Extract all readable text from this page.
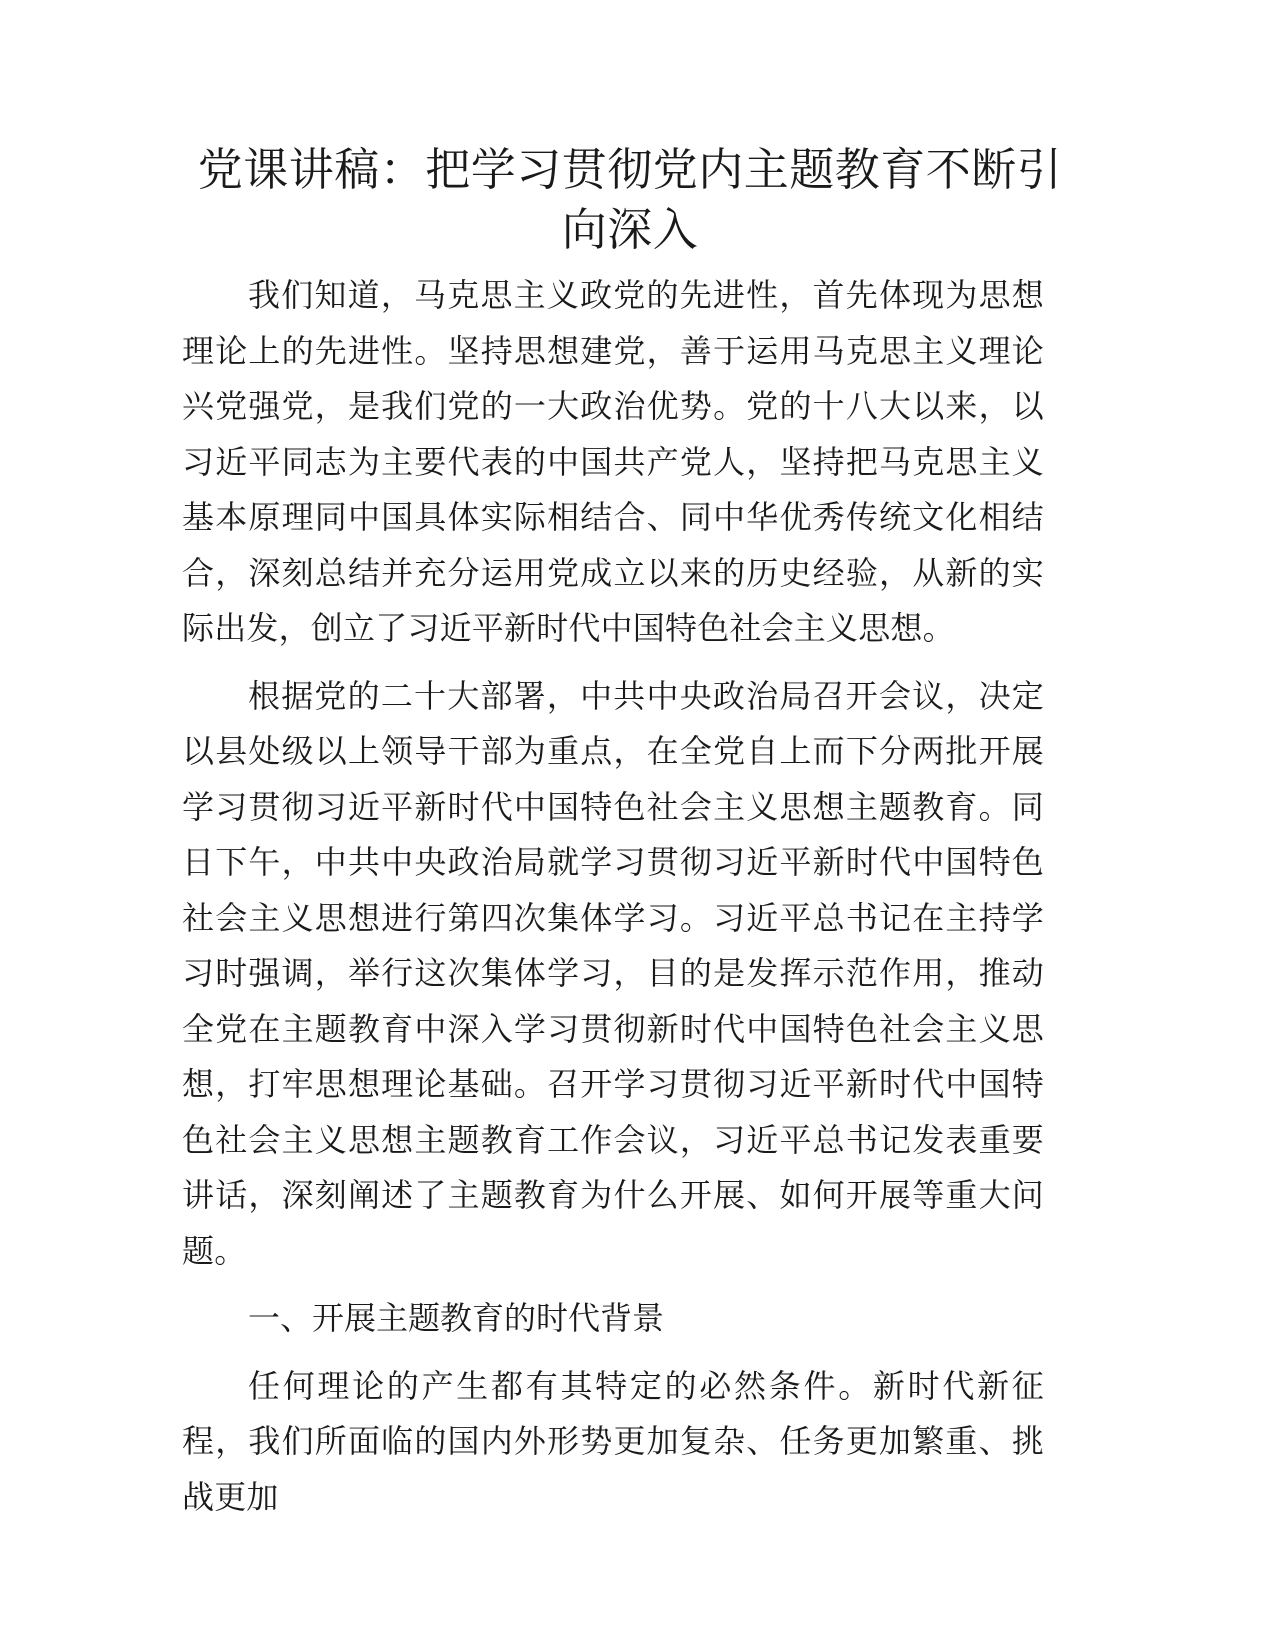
党课讲稿：把学习贯彻党内主题教育不断引向深入

我们知道，马克思主义政党的先进性，首先体现为思想理论上的先进性。坚持思想建党，善于运用马克思主义理论兴党强党，是我们党的一大政治优势。党的十八大以来，以习近平同志为主要代表的中国共产党人，坚持把马克思主义基本原理同中国具体实际相结合、同中华优秀传统文化相结合，深刻总结并充分运用党成立以来的历史经验，从新的实际出发，创立了习近平新时代中国特色社会主义思想。

根据党的二十大部署，中共中央政治局召开会议，决定以县处级以上领导干部为重点，在全党自上而下分两批开展学习贯彻习近平新时代中国特色社会主义思想主题教育。同日下午，中共中央政治局就学习贯彻习近平新时代中国特色社会主义思想进行第四次集体学习。习近平总书记在主持学习时强调，举行这次集体学习，目的是发挥示范作用，推动全党在主题教育中深入学习贯彻新时代中国特色社会主义思想，打牢思想理论基础。召开学习贯彻习近平新时代中国特色社会主义思想主题教育工作会议，习近平总书记发表重要讲话，深刻阐述了主题教育为什么开展、如何开展等重大问题。

一、开展主题教育的时代背景

任何理论的产生都有其特定的必然条件。新时代新征程，我们所面临的国内外形势更加复杂、任务更加繁重、挑战更加
